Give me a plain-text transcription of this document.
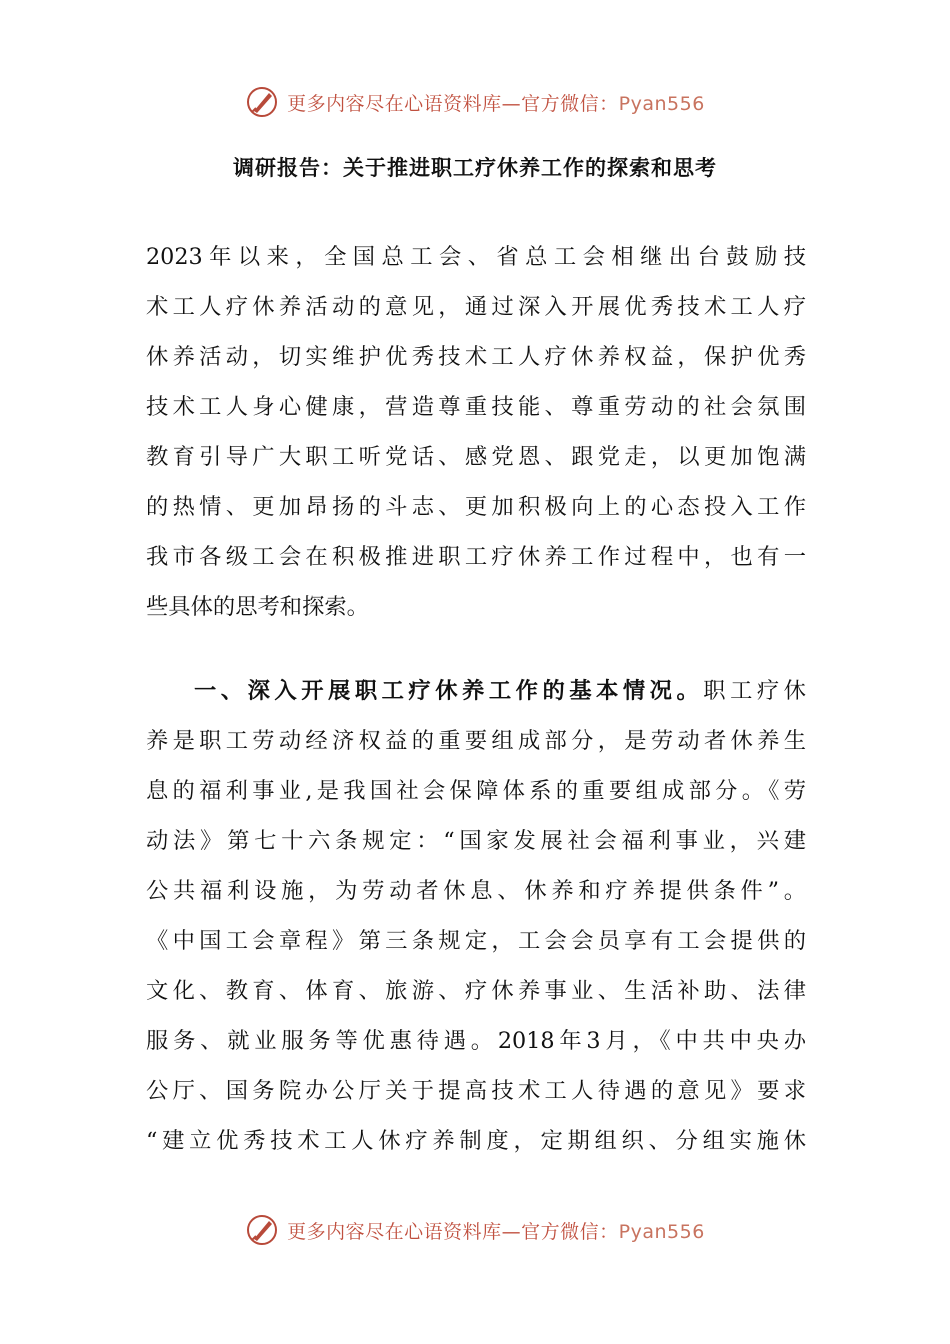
更多内容尽在心语资料库—官方微信：Pyan556
调研报告：关于推进职工疗休养工作的探索和思考
2023年以来，全国总工会、省总工会相继出台鼓励技
术工人疗休养活动的意见，通过深入开展优秀技术工人疗
休养活动，切实维护优秀技术工人疗休养权益，保护优秀
技术工人身心健康，营造尊重技能、尊重劳动的社会氛围
教育引导广大职工听党话、感党恩、跟党走，以更加饱满
的热情、更加昂扬的斗志、更加积极向上的心态投入工作
我市各级工会在积极推进职工疗休养工作过程中，也有一
些具体的思考和探索。
一、深入开展职工疗休养工作的基本情况。职工疗休
养是职工劳动经济权益的重要组成部分，是劳动者休养生
息的福利事业,是我国社会保障体系的重要组成部分。《劳
动法》第七十六条规定：“国家发展社会福利事业，兴建
公共福利设施，为劳动者休息、休养和疗养提供条件”。
《中国工会章程》第三条规定，工会会员享有工会提供的
文化、教育、体育、旅游、疗休养事业、生活补助、法律
服务、就业服务等优惠待遇。2018年3月，《中共中央办
公厅、国务院办公厅关于提高技术工人待遇的意见》要求
“建立优秀技术工人休疗养制度，定期组织、分组实施休
更多内容尽在心语资料库—官方微信：Pyan556
